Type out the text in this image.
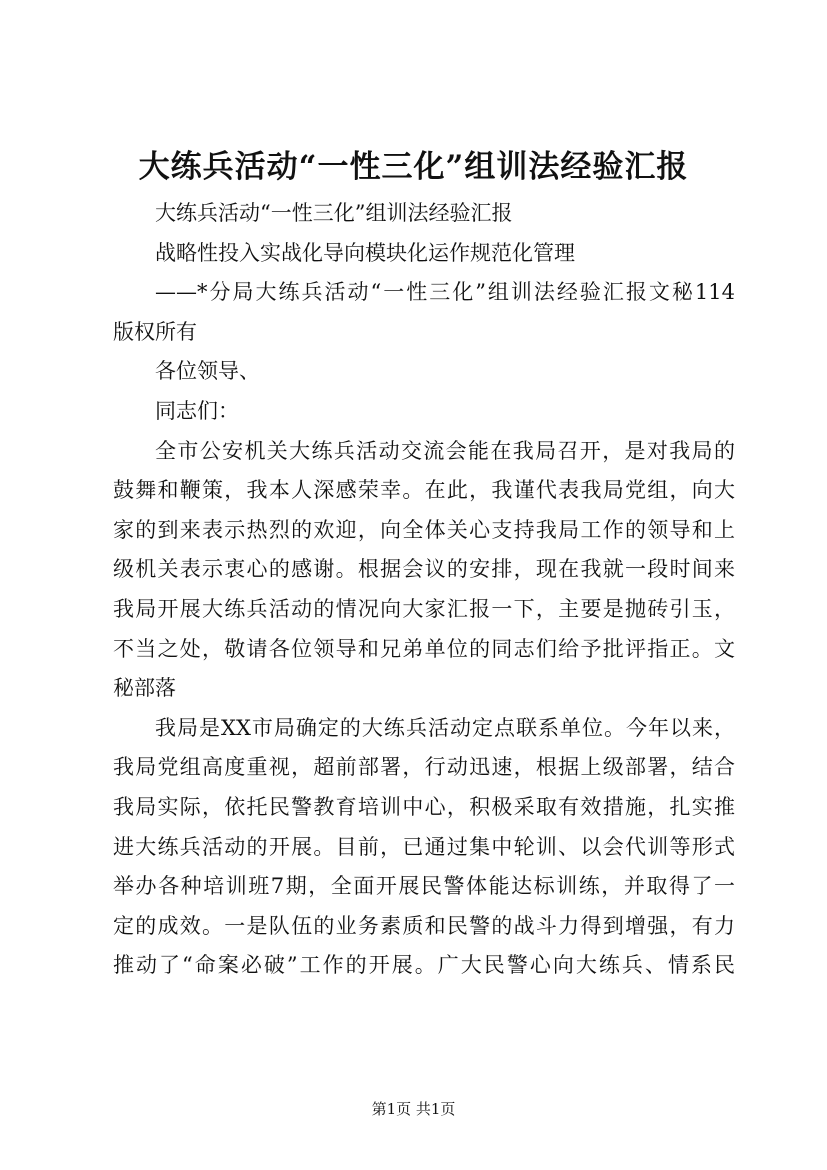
大练兵活动“一性三化”组训法经验汇报
大练兵活动“一性三化”组训法经验汇报
战略性投入实战化导向模块化运作规范化管理
——*分局大练兵活动“一性三化”组训法经验汇报文秘114
版权所有
各位领导、
同志们：
全市公安机关大练兵活动交流会能在我局召开，是对我局的
鼓舞和鞭策，我本人深感荣幸。在此，我谨代表我局党组，向大
家的到来表示热烈的欢迎，向全体关心支持我局工作的领导和上
级机关表示衷心的感谢。根据会议的安排，现在我就一段时间来
我局开展大练兵活动的情况向大家汇报一下，主要是抛砖引玉，
不当之处，敬请各位领导和兄弟单位的同志们给予批评指正。文
秘部落
我局是XX市局确定的大练兵活动定点联系单位。今年以来，
我局党组高度重视，超前部署，行动迅速，根据上级部署，结合
我局实际，依托民警教育培训中心，积极采取有效措施，扎实推
进大练兵活动的开展。目前，已通过集中轮训、以会代训等形式
举办各种培训班7期，全面开展民警体能达标训练，并取得了一
定的成效。一是队伍的业务素质和民警的战斗力得到增强，有力
推动了“命案必破”工作的开展。广大民警心向大练兵、情系民
第1页 共1页
